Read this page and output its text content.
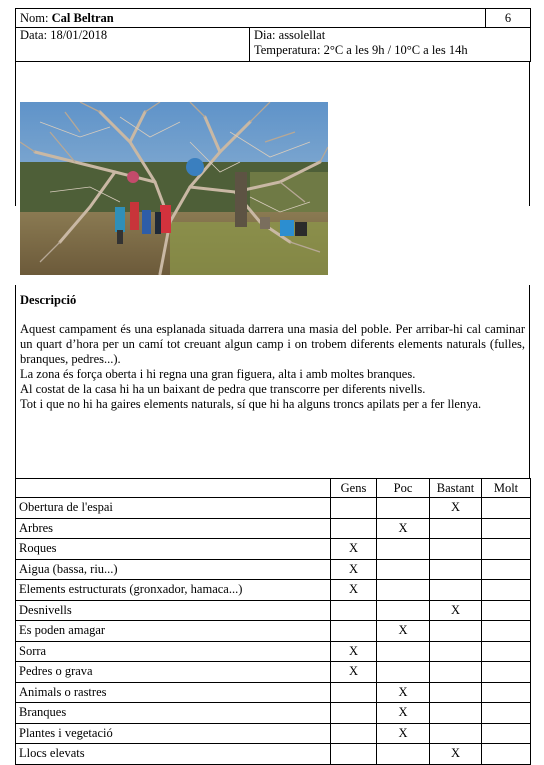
Nom: Cal Beltran		6
Data: 18/01/2018	Dia: assolellat
Temperatura: 2°C a les 9h / 10°C a les 14h	
Descripció

Aquest campament és una esplanada situada darrera una masia del poble. Per arribar-hi cal caminar un quart d’hora per un camí tot creuant algun camp i on trobem diferents elements naturals (fulles, branques, pedres...).

La zona és força oberta i hi regna una gran figuera, alta i amb moltes branques.

Al costat de la casa hi ha un baixant de pedra que transcorre per diferents nivells.

Tot i que no hi ha gaires elements naturals, sí que hi ha alguns troncs apilats per a fer llenya.

	Gens	Poc	Bastant	Molt
Obertura de l'espai			X	
Arbres		X		
Roques	X			
Aigua (bassa, riu...)	X			
Elements estructurats (gronxador, hamaca...)	X			
Desnivells			X	
Es poden amagar		X		
Sorra	X			
Pedres o grava	X			
Animals o rastres		X		
Branques		X		
Plantes i vegetació		X		
Llocs elevats			X	
